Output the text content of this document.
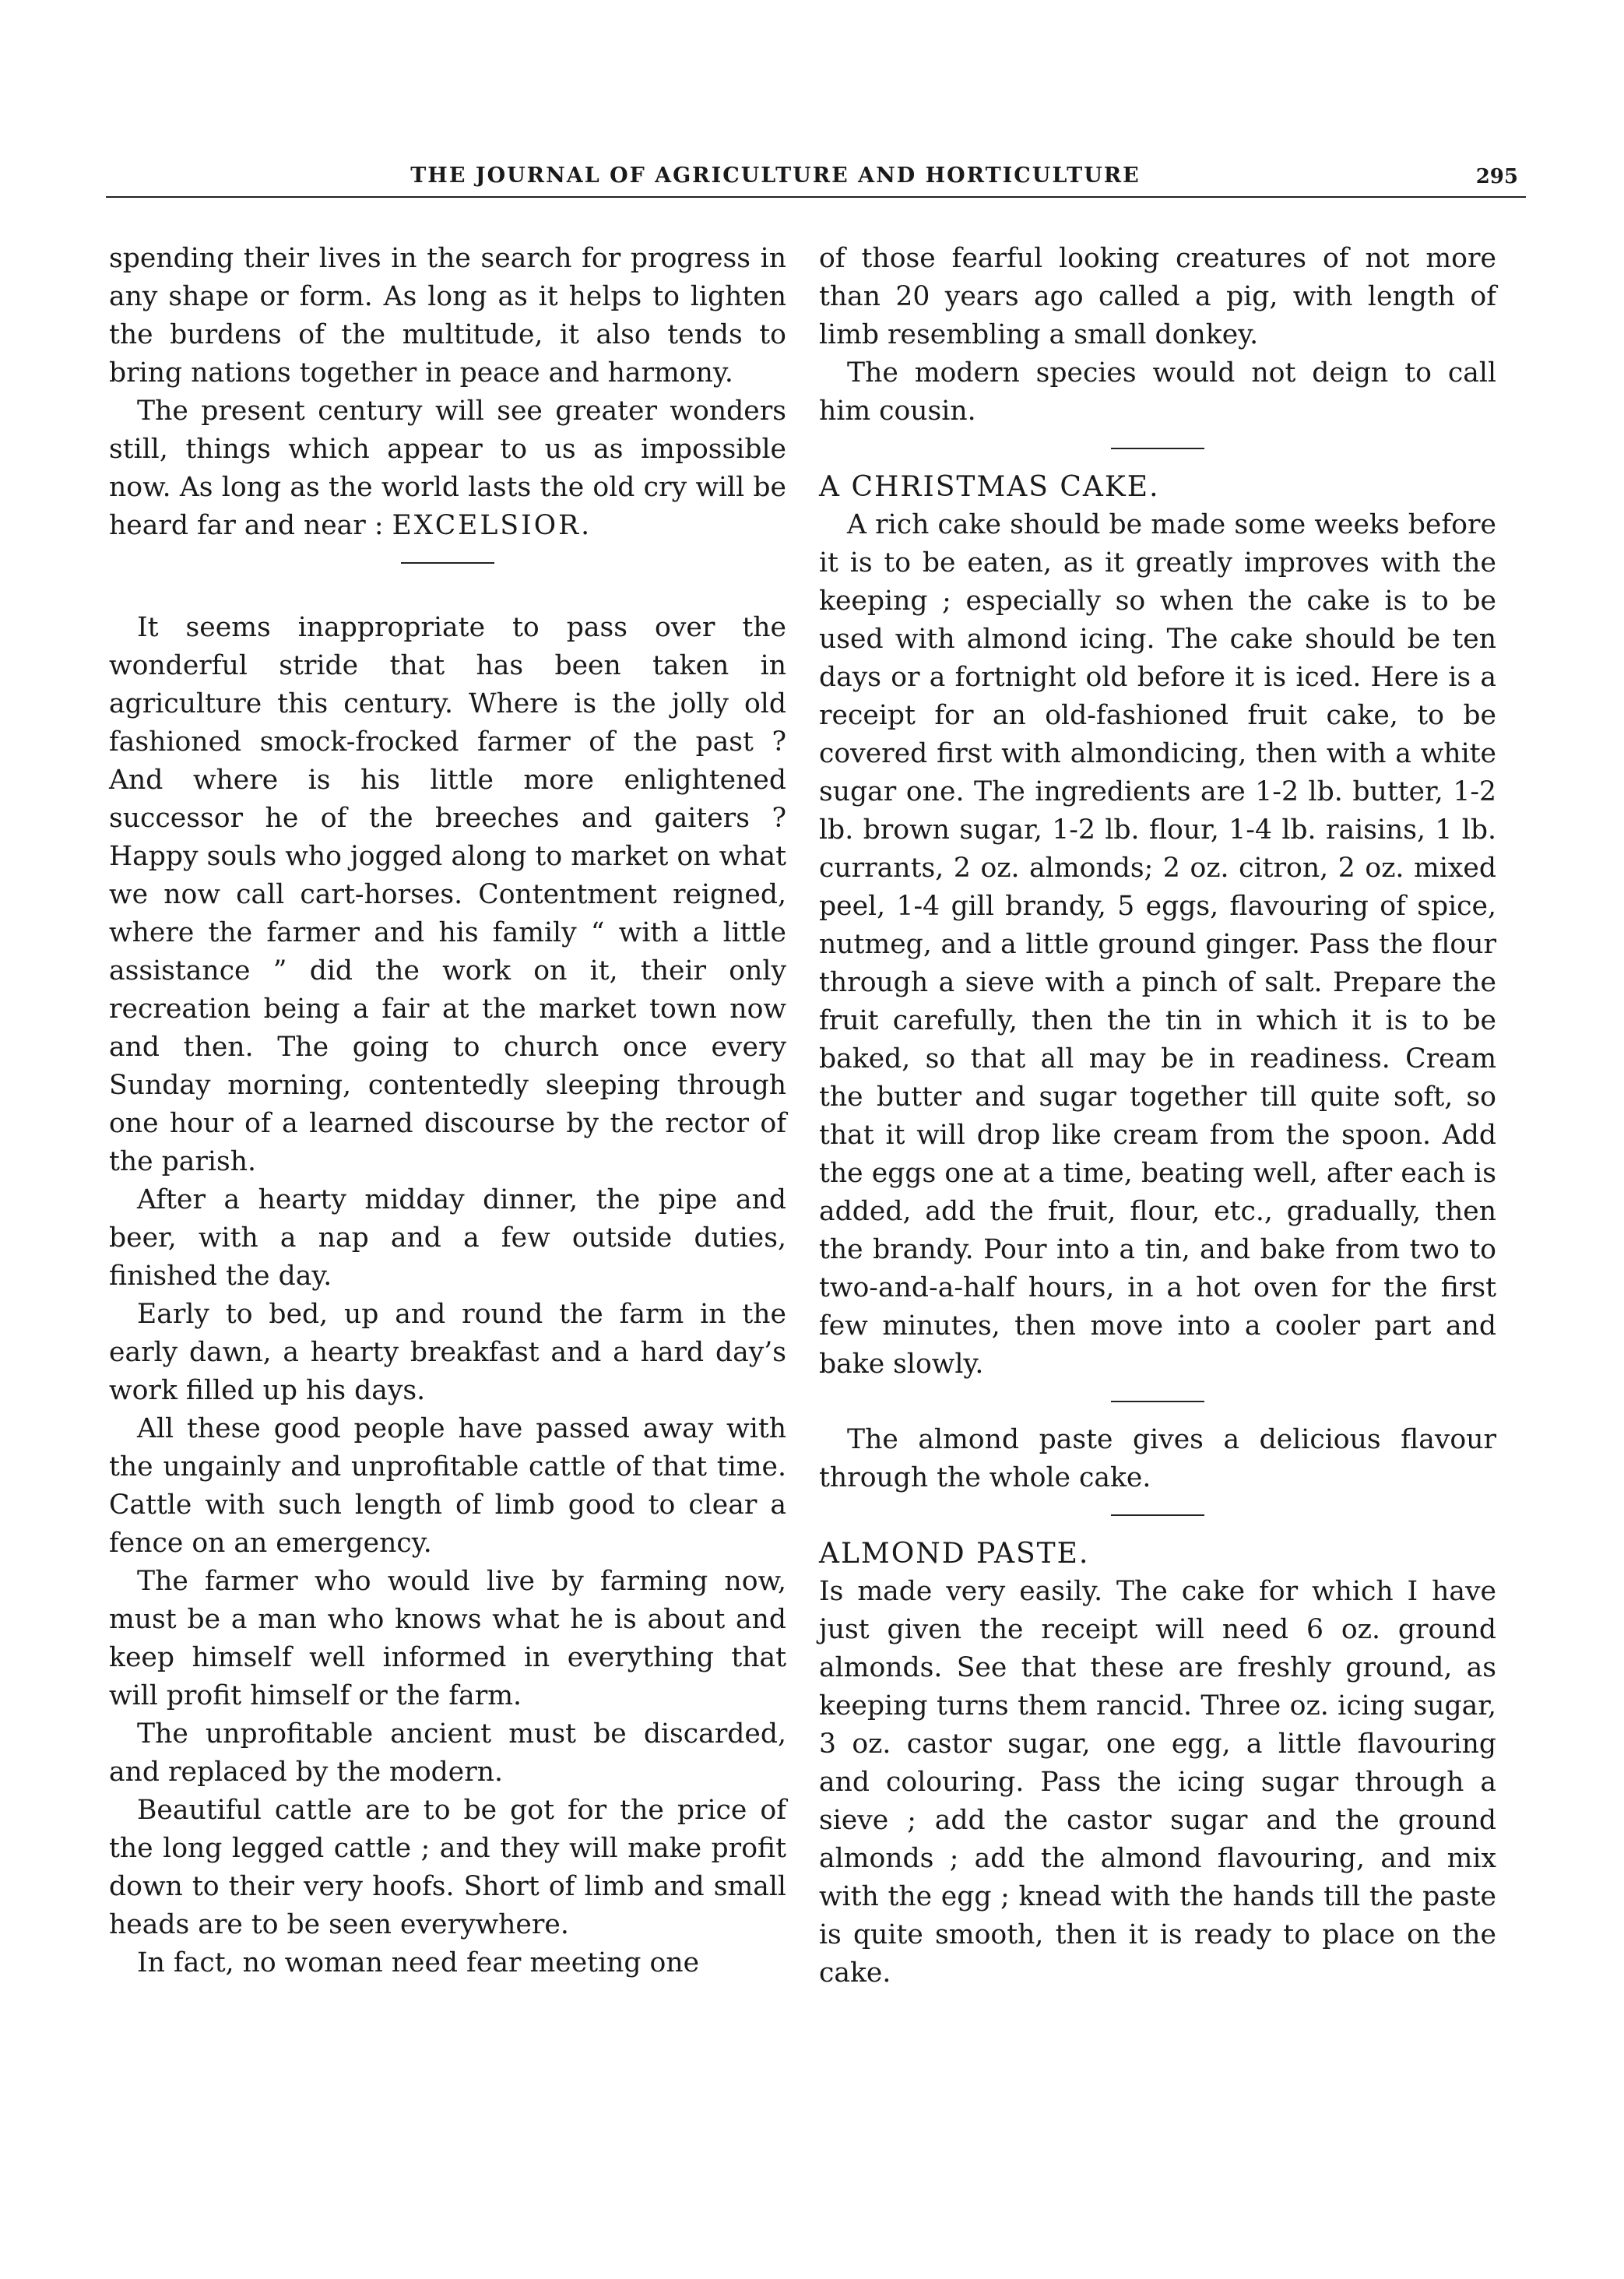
THE JOURNAL OF AGRICULTURE AND HORTICULTURE	295

spending their lives in the search for progress in any shape or form. As long as it helps to lighten the burdens of the multitude, it also tends to bring nations together in peace and harmony.

The present century will see greater wonders still, things which appear to us as impossible now. As long as the world lasts the old cry will be heard far and near : EXCELSIOR.

It seems inappropriate to pass over the wonderful stride that has been taken in agriculture this century. Where is the jolly old fashioned smock-frocked farmer of the past ? And where is his little more enlightened successor he of the breeches and gaiters ? Happy souls who jogged along to market on what we now call cart-horses. Contentment reigned, where the farmer and his family “ with a little assistance ” did the work on it, their only recreation being a fair at the market town now and then. The going to church once every Sunday morning, contentedly sleeping through one hour of a learned discourse by the rector of the parish.

After a hearty midday dinner, the pipe and beer, with a nap and a few outside duties, finished the day.

Early to bed, up and round the farm in the early dawn, a hearty breakfast and a hard day’s work filled up his days.

All these good people have passed away with the ungainly and unprofitable cattle of that time. Cattle with such length of limb good to clear a fence on an emergency.

The farmer who would live by farming now, must be a man who knows what he is about and keep himself well informed in everything that will profit himself or the farm.

The unprofitable ancient must be discarded, and replaced by the modern.

Beautiful cattle are to be got for the price of the long legged cattle ; and they will make profit down to their very hoofs. Short of limb and small heads are to be seen everywhere.

In fact, no woman need fear meeting one

of those fearful looking creatures of not more than 20 years ago called a pig, with length of limb resembling a small donkey.

The modern species would not deign to call him cousin.

A CHRISTMAS CAKE.

A rich cake should be made some weeks before it is to be eaten, as it greatly improves with the keeping ; especially so when the cake is to be used with almond icing. The cake should be ten days or a fortnight old before it is iced. Here is a receipt for an old-fashioned fruit cake, to be covered first with almondicing, then with a white sugar one. The ingredients are 1-2 lb. butter, 1-2 lb. brown sugar, 1-2 lb. flour, 1-4 lb. raisins, 1 lb. currants, 2 oz. almonds; 2 oz. citron, 2 oz. mixed peel, 1-4 gill brandy, 5 eggs, flavouring of spice, nutmeg, and a little ground ginger. Pass the flour through a sieve with a pinch of salt. Prepare the fruit carefully, then the tin in which it is to be baked, so that all may be in readiness. Cream the butter and sugar together till quite soft, so that it will drop like cream from the spoon. Add the eggs one at a time, beating well, after each is added, add the fruit, flour, etc., gradually, then the brandy. Pour into a tin, and bake from two to two-and-a-half hours, in a hot oven for the first few minutes, then move into a cooler part and bake slowly.

The almond paste gives a delicious flavour through the whole cake.

ALMOND PASTE.

Is made very easily. The cake for which I have just given the receipt will need 6 oz. ground almonds. See that these are freshly ground, as keeping turns them rancid. Three oz. icing sugar, 3 oz. castor sugar, one egg, a little flavouring and colouring. Pass the icing sugar through a sieve ; add the castor sugar and the ground almonds ; add the almond flavouring, and mix with the egg ; knead with the hands till the paste is quite smooth, then it is ready to place on the cake.
